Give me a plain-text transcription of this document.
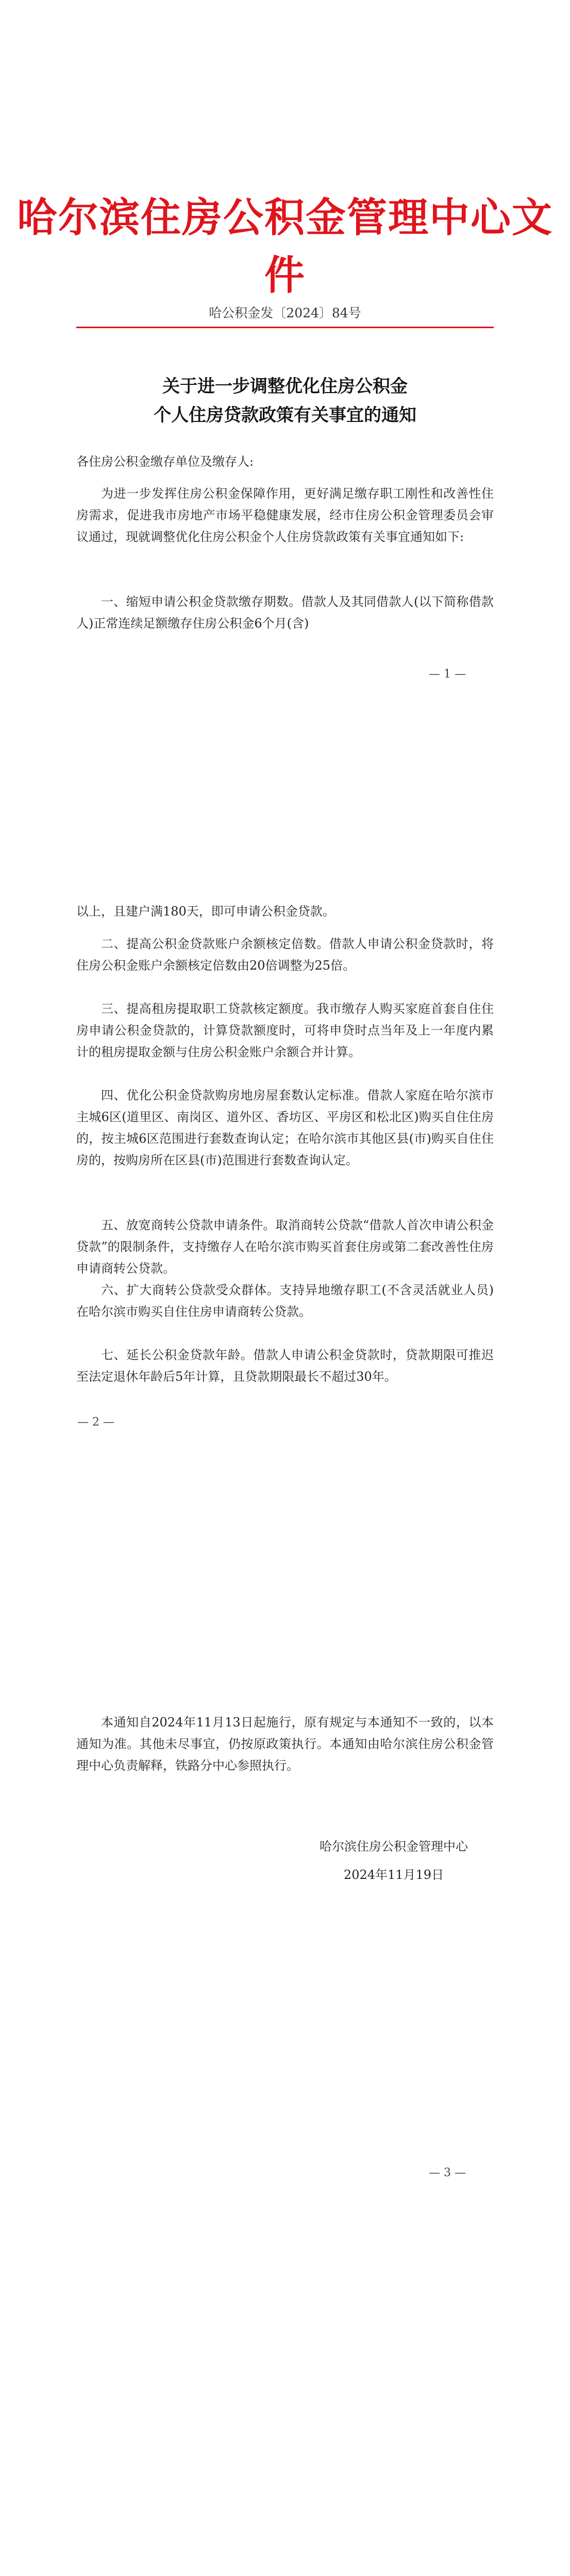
哈尔滨住房公积金管理中心文件
哈公积金发〔2024〕84号
关于进一步调整优化住房公积金
个人住房贷款政策有关事宜的通知
各住房公积金缴存单位及缴存人:
为进一步发挥住房公积金保障作用，更好满足缴存职工刚性和改善性住房需求，促进我市房地产市场平稳健康发展，经市住房公积金管理委员会审议通过，现就调整优化住房公积金个人住房贷款政策有关事宜通知如下:
一、缩短申请公积金贷款缴存期数。借款人及其同借款人(以下简称借款人)正常连续足额缴存住房公积金6个月(含)
— 1 —
以上，且建户满180天，即可申请公积金贷款。
二、提高公积金贷款账户余额核定倍数。借款人申请公积金贷款时，将住房公积金账户余额核定倍数由20倍调整为25倍。
三、提高租房提取职工贷款核定额度。我市缴存人购买家庭首套自住住房申请公积金贷款的，计算贷款额度时，可将申贷时点当年及上一年度内累计的租房提取金额与住房公积金账户余额合并计算。
四、优化公积金贷款购房地房屋套数认定标准。借款人家庭在哈尔滨市主城6区(道里区、南岗区、道外区、香坊区、平房区和松北区)购买自住住房的，按主城6区范围进行套数查询认定；在哈尔滨市其他区县(市)购买自住住房的，按购房所在区县(市)范围进行套数查询认定。
五、放宽商转公贷款申请条件。取消商转公贷款“借款人首次申请公积金贷款”的限制条件，支持缴存人在哈尔滨市购买首套住房或第二套改善性住房申请商转公贷款。
六、扩大商转公贷款受众群体。支持异地缴存职工(不含灵活就业人员)在哈尔滨市购买自住住房申请商转公贷款。
七、延长公积金贷款年龄。借款人申请公积金贷款时，贷款期限可推迟至法定退休年龄后5年计算，且贷款期限最长不超过30年。
— 2 —
本通知自2024年11月13日起施行，原有规定与本通知不一致的，以本通知为准。其他未尽事宜，仍按原政策执行。本通知由哈尔滨住房公积金管理中心负责解释，铁路分中心参照执行。
哈尔滨住房公积金管理中心
2024年11月19日
— 3 —
